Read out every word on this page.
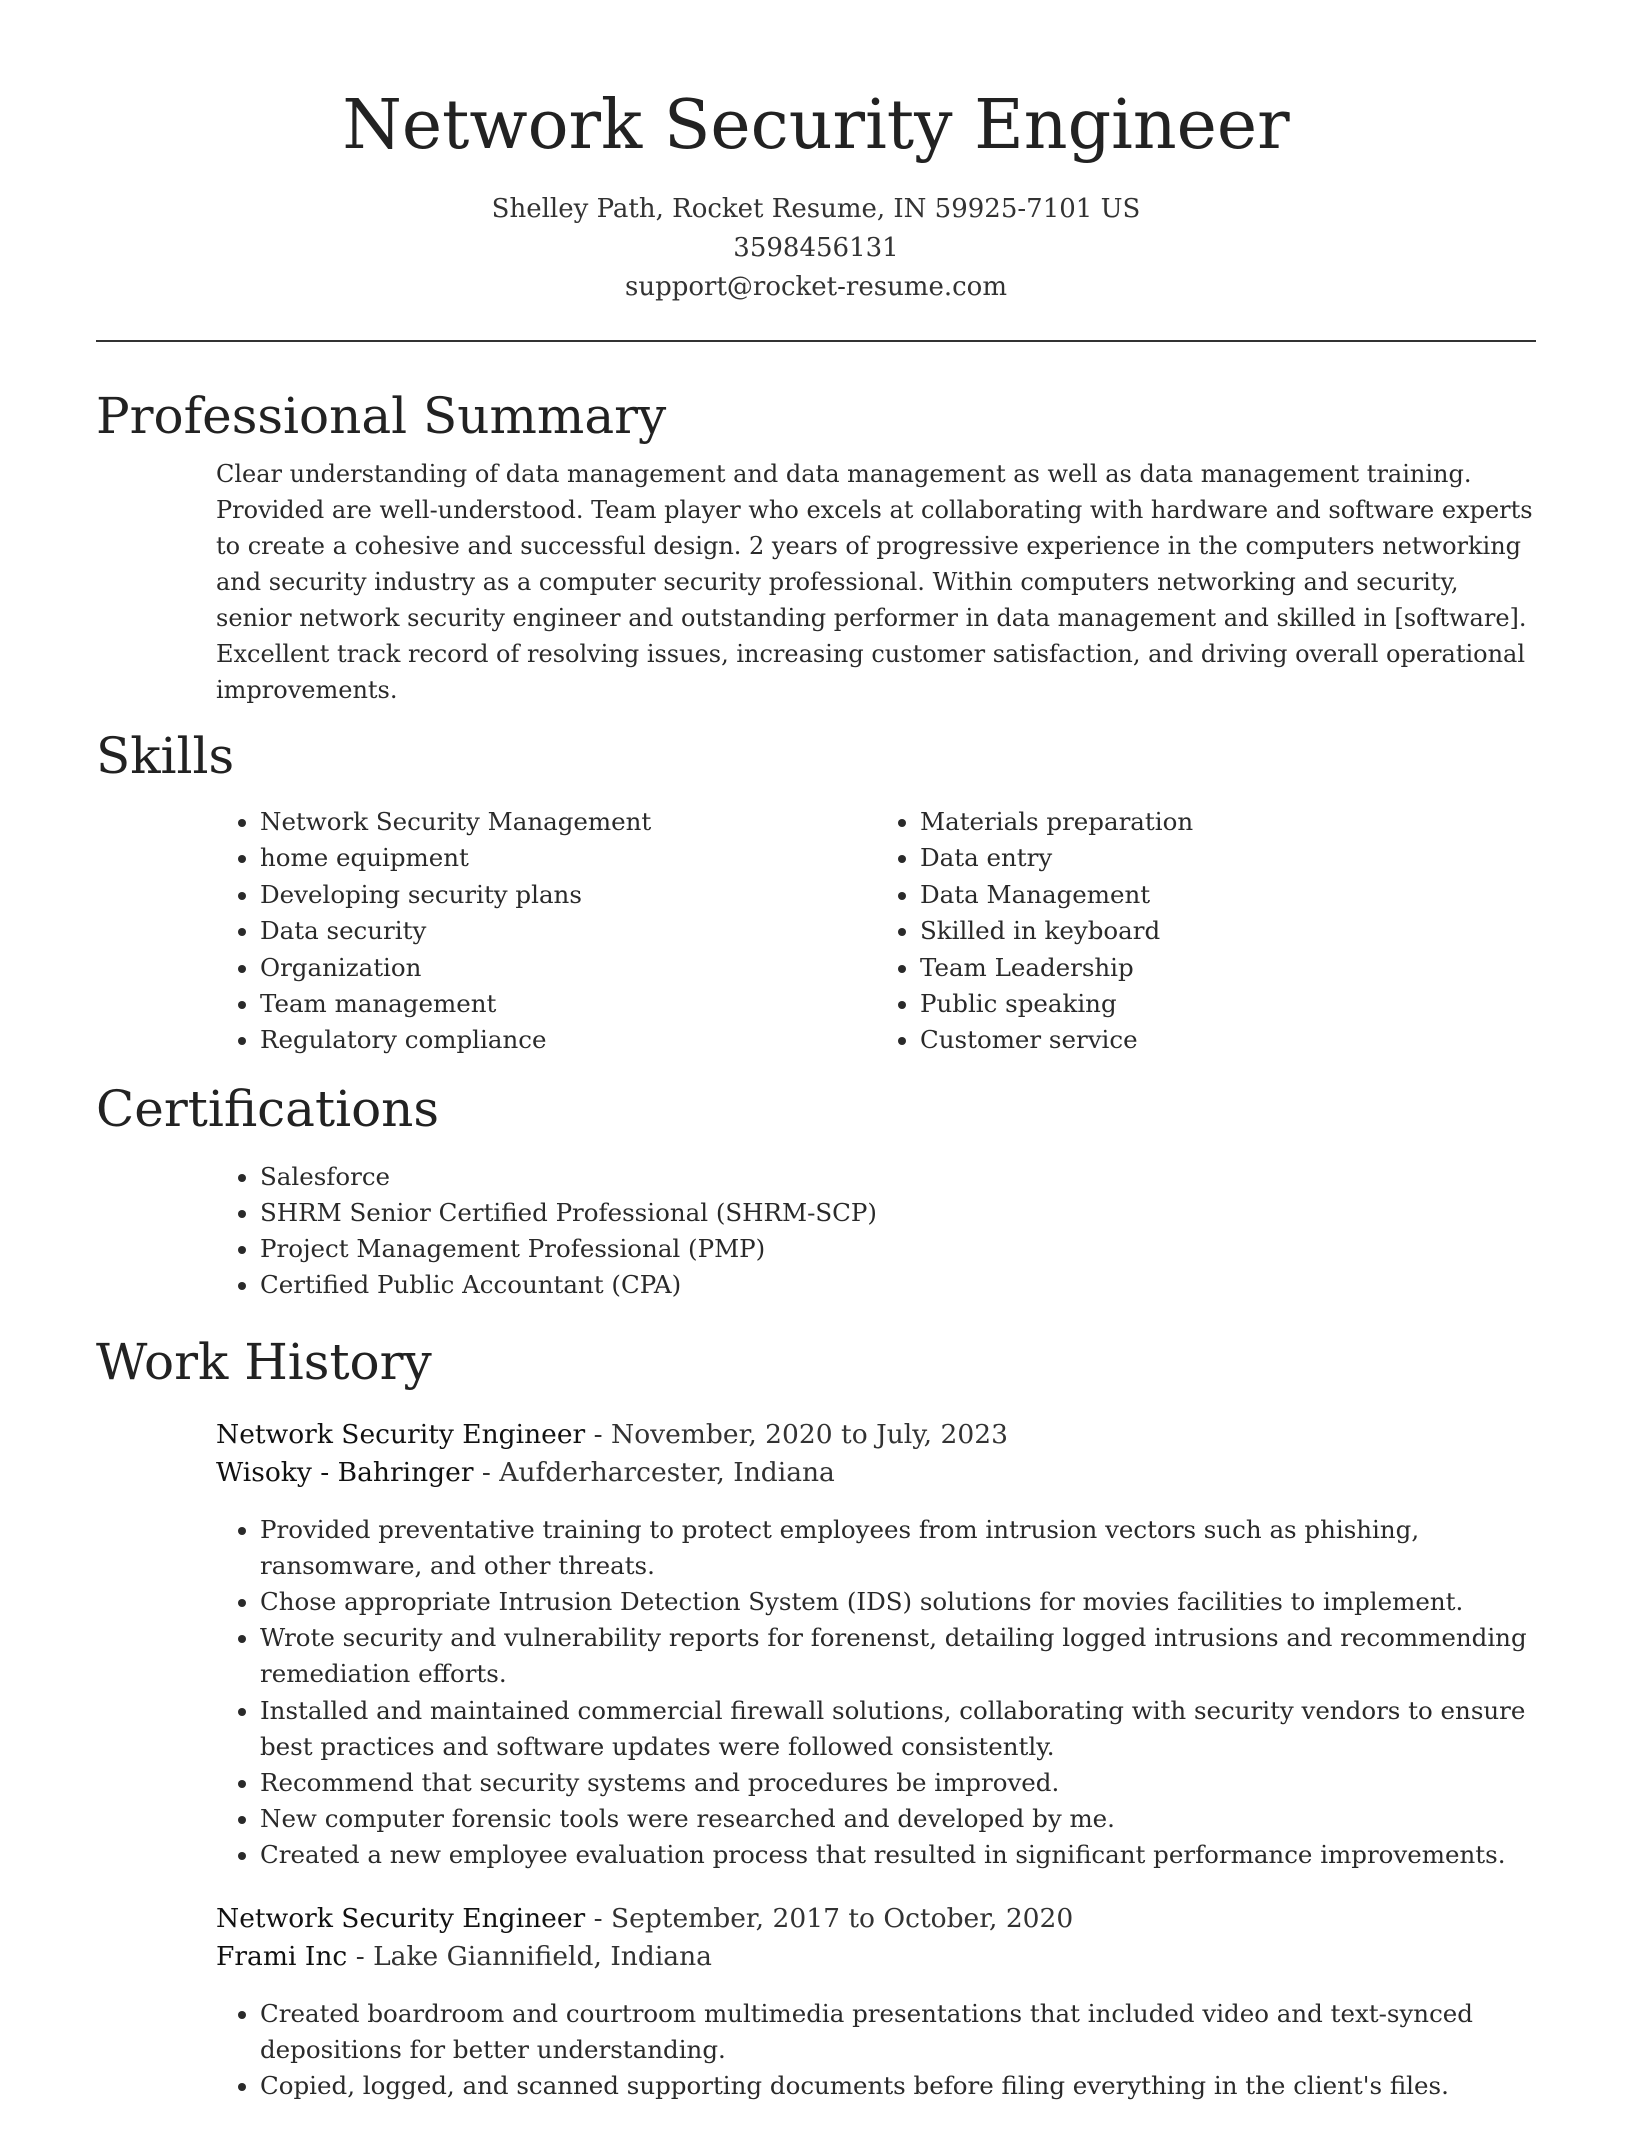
Network Security Engineer
Shelley Path, Rocket Resume, IN 59925-7101 US
3598456131
support@rocket-resume.com
Professional Summary
Clear understanding of data management and data management as well as data management training. Provided are well-understood. Team player who excels at collaborating with hardware and software experts to create a cohesive and successful design. 2 years of progressive experience in the computers networking and security industry as a computer security professional. Within computers networking and security, senior network security engineer and outstanding performer in data management and skilled in [software]. Excellent track record of resolving issues, increasing customer satisfaction, and driving overall operational improvements.
Skills
• Network Security Management
• home equipment
• Developing security plans
• Data security
• Organization
• Team management
• Regulatory compliance
• Materials preparation
• Data entry
• Data Management
• Skilled in keyboard
• Team Leadership
• Public speaking
• Customer service
Certifications
• Salesforce
• SHRM Senior Certified Professional (SHRM-SCP)
• Project Management Professional (PMP)
• Certified Public Accountant (CPA)
Work History
Network Security Engineer - November, 2020 to July, 2023
Wisoky - Bahringer - Aufderharcester, Indiana
• Provided preventative training to protect employees from intrusion vectors such as phishing, ransomware, and other threats.
• Chose appropriate Intrusion Detection System (IDS) solutions for movies facilities to implement.
• Wrote security and vulnerability reports for forenenst, detailing logged intrusions and recommending remediation efforts.
• Installed and maintained commercial firewall solutions, collaborating with security vendors to ensure best practices and software updates were followed consistently.
• Recommend that security systems and procedures be improved.
• New computer forensic tools were researched and developed by me.
• Created a new employee evaluation process that resulted in significant performance improvements.
Network Security Engineer - September, 2017 to October, 2020
Frami Inc - Lake Giannifield, Indiana
• Created boardroom and courtroom multimedia presentations that included video and text-synced depositions for better understanding.
• Copied, logged, and scanned supporting documents before filing everything in the client's files.
